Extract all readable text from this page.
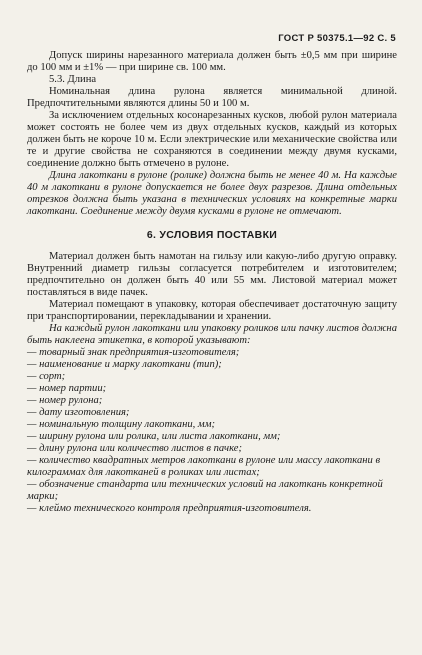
ГОСТ Р 50375.1—92 С. 5

Допуск ширины нарезанного материала должен быть ±0,5 мм при ширине до 100 мм и ±1% — при ширине св. 100 мм.

5.3. Длина

Номинальная длина рулона является минимальной длиной. Предпочтительными являются длины 50 и 100 м.

За исключением отдельных косонарезанных кусков, любой рулон материала может состоять не более чем из двух отдельных кусков, каждый из которых должен быть не короче 10 м. Если электрические или механические свойства или те и другие свойства не сохраняются в соединении между двумя кусками, соединение должно быть отмечено в рулоне.

Длина лакоткани в рулоне (ролике) должна быть не менее 40 м. На каждые 40 м лакоткани в рулоне допускается не более двух разрезов. Длина отдельных отрезков должна быть указана в технических условиях на конкретные марки лакоткани. Соединение между двумя кусками в рулоне не отмечают.

6. УСЛОВИЯ ПОСТАВКИ

Материал должен быть намотан на гильзу или какую-либо другую оправку. Внутренний диаметр гильзы согласуется потребителем и изготовителем; предпочтительно он должен быть 40 или 55 мм. Листовой материал может поставляться в виде пачек.

Материал помещают в упаковку, которая обеспечивает достаточную защиту при транспортировании, перекладывании и хранении.

На каждый рулон лакоткани или упаковку роликов или пачку листов должна быть наклеена этикетка, в которой указывают:

— товарный знак предприятия-изготовителя;

— наименование и марку лакоткани (тип);

— сорт;

— номер партии;

— номер рулона;

— дату изготовления;

— номинальную толщину лакоткани, мм;

— ширину рулона или ролика, или листа лакоткани, мм;

— длину рулона или количество листов в пачке;

— количество квадратных метров лакоткани в рулоне или массу лакоткани в килограммах для лакотканей в роликах или листах;

— обозначение стандарта или технических условий на лакоткань конкретной марки;

— клеймо технического контроля предприятия-изготовителя.
